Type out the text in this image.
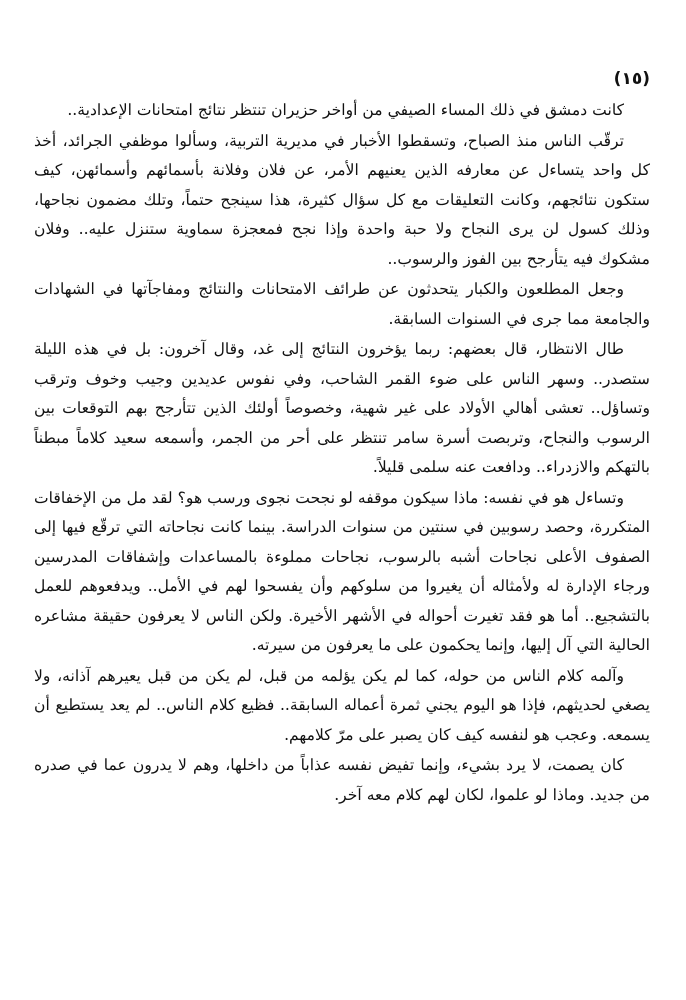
(١٥)

كانت دمشق في ذلك المساء الصيفي من أواخر حزيران تنتظر نتائج امتحانات الإعدادية..

ترقّب الناس منذ الصباح، وتسقطوا الأخبار في مديرية التربية، وسألوا موظفي الجرائد، أخذ كل واحد يتساءل عن معارفه الذين يعنيهم الأمر، عن فلان وفلانة بأسمائهم وأسمائهن، كيف ستكون نتائجهم، وكانت التعليقات مع كل سؤال كثيرة، هذا سينجح حتماً، وتلك مضمون نجاحها، وذلك كسول لن يرى النجاح ولا حبة واحدة وإذا نجح فمعجزة سماوية ستنزل عليه.. وفلان مشكوك فيه يتأرجح بين الفوز والرسوب..

وجعل المطلعون والكبار يتحدثون عن طرائف الامتحانات والنتائج ومفاجآتها في الشهادات والجامعة مما جرى في السنوات السابقة.

طال الانتظار، قال بعضهم: ربما يؤخرون النتائج إلى غد، وقال آخرون: بل في هذه الليلة ستصدر.. وسهر الناس على ضوء القمر الشاحب، وفي نفوس عديدين وجيب وخوف وترقب وتساؤل.. تعشى أهالي الأولاد على غير شهية، وخصوصاً أولئك الذين تتأرجح بهم التوقعات بين الرسوب والنجاح، وتربصت أسرة سامر تنتظر على أحر من الجمر، وأسمعه سعيد كلاماً مبطناً بالتهكم والازدراء.. ودافعت عنه سلمى قليلاً.

وتساءل هو في نفسه: ماذا سيكون موقفه لو نجحت نجوى ورسب هو؟ لقد مل من الإخفاقات المتكررة، وحصد رسوبين في سنتين من سنوات الدراسة. بينما كانت نجاحاته التي ترقّع فيها إلى الصفوف الأعلى نجاحات أشبه بالرسوب، نجاحات مملوءة بالمساعدات وإشفاقات المدرسين ورجاء الإدارة له ولأمثاله أن يغيروا من سلوكهم وأن يفسحوا لهم في الأمل.. ويدفعوهم للعمل بالتشجيع.. أما هو فقد تغيرت أحواله في الأشهر الأخيرة. ولكن الناس لا يعرفون حقيقة مشاعره الحالية التي آل إليها، وإنما يحكمون على ما يعرفون من سيرته.

وآلمه كلام الناس من حوله، كما لم يكن يؤلمه من قبل، لم يكن من قبل يعيرهم آذانه، ولا يصغي لحديثهم، فإذا هو اليوم يجني ثمرة أعماله السابقة.. فظيع كلام الناس.. لم يعد يستطيع أن يسمعه. وعجب هو لنفسه كيف كان يصبر على مرّ كلامهم.

كان يصمت، لا يرد بشيء، وإنما تفيض نفسه عذاباً من داخلها، وهم لا يدرون عما في صدره من جديد. وماذا لو علموا، لكان لهم كلام معه آخر.
